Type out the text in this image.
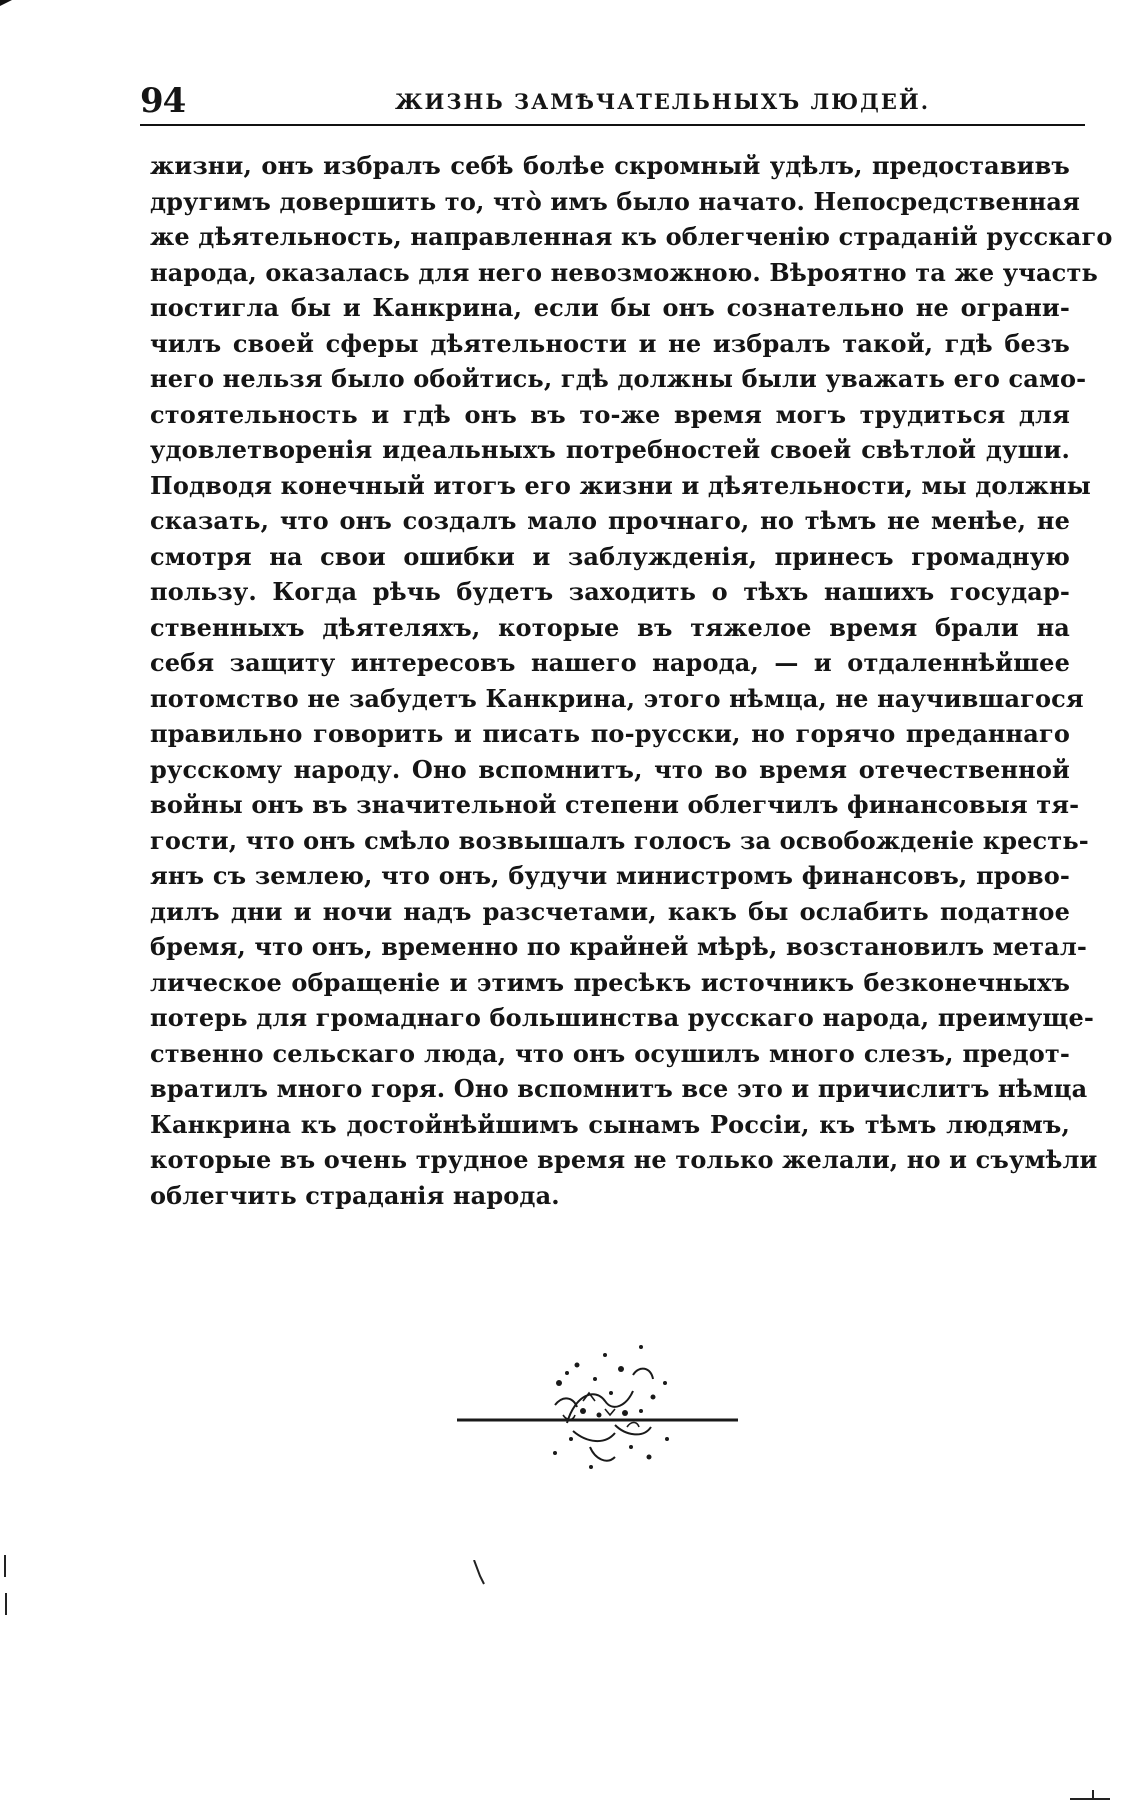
94	ЖИЗНЬ ЗАМѢЧАТЕЛЬНЫХЪ ЛЮДЕЙ.
жизни, онъ избралъ себѣ болѣе скромный удѣлъ, предоставивъ
другимъ довершить то, что̀ имъ было начато. Непосредственная
же дѣятельность, направленная къ облегченiю страданiй русскаго
народа, оказалась для него невозможною. Вѣроятно та же участь
постигла бы и Канкрина, если бы онъ сознательно не ограни-
чилъ своей сферы дѣятельности и не избралъ такой, гдѣ безъ
него нельзя было обойтись, гдѣ должны были уважать его само-
стоятельность и гдѣ онъ въ то-же время могъ трудиться для
удовлетворенiя идеальныхъ потребностей своей свѣтлой души.
Подводя конечный итогъ его жизни и дѣятельности, мы должны
сказать, что онъ создалъ мало прочнаго, но тѣмъ не менѣе, не
смотря на свои ошибки и заблужденiя, принесъ громадную
пользу. Когда рѣчь будетъ заходить о тѣхъ нашихъ государ-
ственныхъ дѣятеляхъ, которые въ тяжелое время брали на
себя защиту интересовъ нашего народа, — и отдаленнѣйшее
потомство не забудетъ Канкрина, этого нѣмца, не научившагося
правильно говорить и писать по-русски, но горячо преданнаго
русскому народу. Оно вспомнитъ, что во время отечественной
войны онъ въ значительной степени облегчилъ финансовыя тя-
гости, что онъ смѣло возвышалъ голосъ за освобожденiе кресть-
янъ съ землею, что онъ, будучи министромъ финансовъ, прово-
дилъ дни и ночи надъ разсчетами, какъ бы ослабить податное
бремя, что онъ, временно по крайней мѣрѣ, возстановилъ метал-
лическое обращенiе и этимъ пресѣкъ источникъ безконечныхъ
потерь для громаднаго большинства русскаго народа, преимуще-
ственно сельскаго люда, что онъ осушилъ много слезъ, предот-
вратилъ много горя. Оно вспомнитъ все это и причислитъ нѣмца
Канкрина къ достойнѣйшимъ сынамъ Россiи, къ тѣмъ людямъ,
которые въ очень трудное время не только желали, но и съумѣли
облегчить страданiя народа.
